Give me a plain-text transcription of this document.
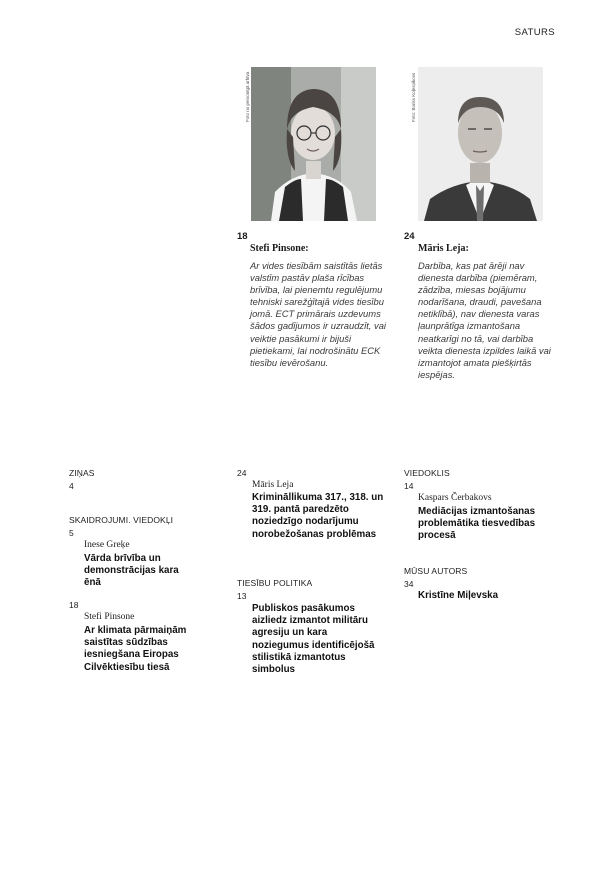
SATURS
Foto no personīgā arhīva
18
Stefi Pinsone:

Ar vides tiesībām saistītās lietās valstīm pastāv plaša rīcības brīvība, lai pienemtu regulējumu tehniski sarežģītajā vides tiesību jomā. ECT primārais uzdevums šādos gadījumos ir uzraudzīt, vai veiktie pasākumi ir bijuši pietiekami, lai nodrošinātu ECK tiesību ievērošanu.

Foto: Boriss Koļesņikovs
24
Māris Leja:

Darbība, kas pat ārēji nav dienesta darbība (piemēram, zādzība, miesas bojājumu nodarīšana, draudi, pavešana netiklībā), nav dienesta varas ļaunprātīga izmantošana neatkarīgi no tā, vai darbība veikta dienesta izpildes laikā vai izmantojot amata piešķirtās iespējas.

ZIŅAS
4
SKAIDROJUMI. VIEDOKĻI
5
Inese Greķe

Vārda brīvība un demonstrācijas kara ēnā

18
Stefi Pinsone

Ar klimata pārmaiņām saistītas sūdzības iesniegšana Eiropas Cilvēktiesību tiesā

24
Māris Leja

Krimināllikuma 317., 318. un 319. pantā paredzēto noziedzīgo nodarījumu norobežošanas problēmas

TIESĪBU POLITIKA
13

Publiskos pasākumos aizliedz izmantot militāru agresiju un kara noziegumus identificējošā stilistikā izmantotus simbolus

VIEDOKLIS
14
Kaspars Čerbakovs

Mediācijas izmantošanas problemātika tiesvedības procesā

MŪSU AUTORS
34

Kristīne Miļevska
